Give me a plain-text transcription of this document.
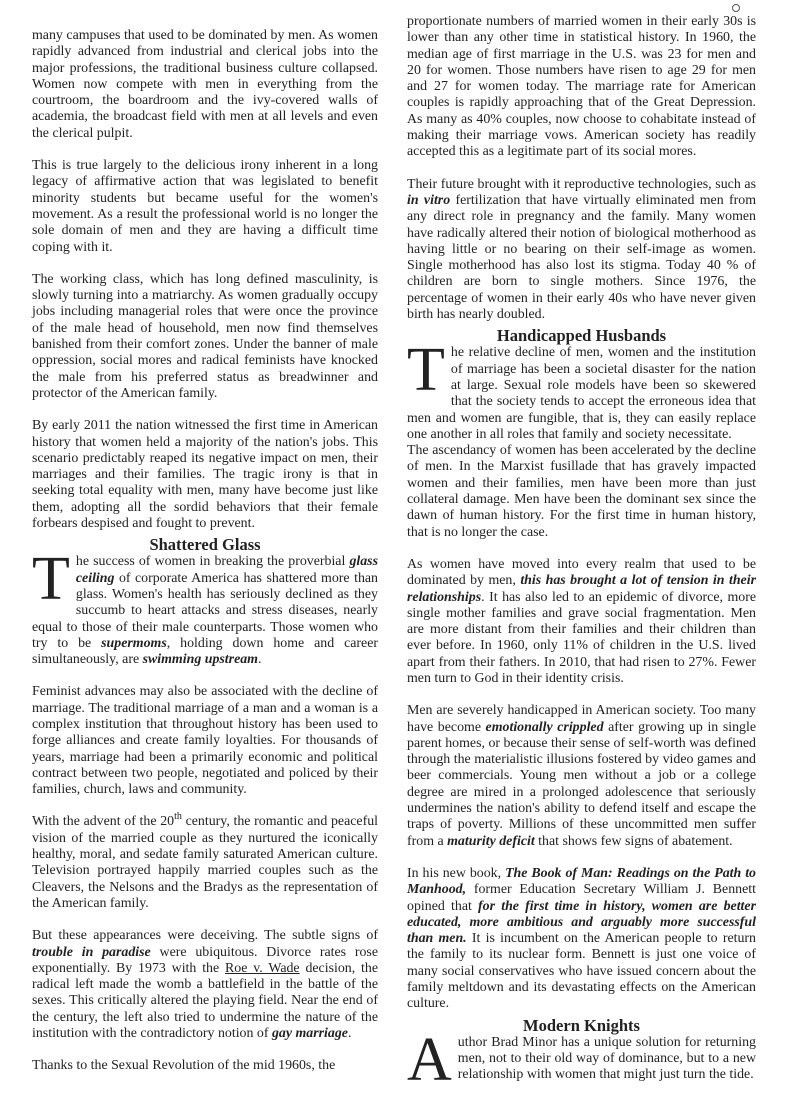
many campuses that used to be dominated by men. As women rapidly advanced from industrial and clerical jobs into the major professions, the traditional business culture collapsed. Women now compete with men in everything from the courtroom, the boardroom and the ivy-covered walls of academia, the broadcast field with men at all levels and even the clerical pulpit.

This is true largely to the delicious irony inherent in a long legacy of affirmative action that was legislated to benefit minority students but became useful for the women's movement. As a result the professional world is no longer the sole domain of men and they are having a difficult time coping with it.

The working class, which has long defined masculinity, is slowly turning into a matriarchy. As women gradually occupy jobs including managerial roles that were once the province of the male head of household, men now find themselves banished from their comfort zones. Under the banner of male oppression, social mores and radical feminists have knocked the male from his preferred status as breadwinner and protector of the American family.

By early 2011 the nation witnessed the first time in American history that women held a majority of the nation's jobs. This scenario predictably reaped its negative impact on men, their marriages and their families. The tragic irony is that in seeking total equality with men, many have become just like them, adopting all the sordid behaviors that their female forbears despised and fought to prevent.

Shattered Glass

The success of women in breaking the proverbial glass ceiling of corporate America has shattered more than glass. Women's health has seriously declined as they succumb to heart attacks and stress diseases, nearly equal to those of their male counterparts. Those women who try to be supermoms, holding down home and career simultaneously, are swimming upstream.

Feminist advances may also be associated with the decline of marriage. The traditional marriage of a man and a woman is a complex institution that throughout history has been used to forge alliances and create family loyalties. For thousands of years, marriage had been a primarily economic and political contract between two people, negotiated and policed by their families, church, laws and community.

With the advent of the 20th century, the romantic and peaceful vision of the married couple as they nurtured the iconically healthy, moral, and sedate family saturated American culture. Television portrayed happily married couples such as the Cleavers, the Nelsons and the Bradys as the representation of the American family.

But these appearances were deceiving. The subtle signs of trouble in paradise were ubiquitous. Divorce rates rose exponentially. By 1973 with the Roe v. Wade decision, the radical left made the womb a battlefield in the battle of the sexes. This critically altered the playing field. Near the end of the century, the left also tried to undermine the nature of the institution with the contradictory notion of gay marriage.

Thanks to the Sexual Revolution of the mid 1960s, the

proportionate numbers of married women in their early 30s is lower than any other time in statistical history. In 1960, the median age of first marriage in the U.S. was 23 for men and 20 for women. Those numbers have risen to age 29 for men and 27 for women today. The marriage rate for American couples is rapidly approaching that of the Great Depression. As many as 40% couples, now choose to cohabitate instead of making their marriage vows. American society has readily accepted this as a legitimate part of its social mores.

Their future brought with it reproductive technologies, such as in vitro fertilization that have virtually eliminated men from any direct role in pregnancy and the family. Many women have radically altered their notion of biological motherhood as having little or no bearing on their self-image as women. Single motherhood has also lost its stigma. Today 40 % of children are born to single mothers. Since 1976, the percentage of women in their early 40s who have never given birth has nearly doubled.

Handicapped Husbands

The relative decline of men, women and the institution of marriage has been a societal disaster for the nation at large. Sexual role models have been so skewered that the society tends to accept the erroneous idea that men and women are fungible, that is, they can easily replace one another in all roles that family and society necessitate.

The ascendancy of women has been accelerated by the decline of men. In the Marxist fusillade that has gravely impacted women and their families, men have been more than just collateral damage. Men have been the dominant sex since the dawn of human history. For the first time in human history, that is no longer the case.

As women have moved into every realm that used to be dominated by men, this has brought a lot of tension in their relationships. It has also led to an epidemic of divorce, more single mother families and grave social fragmentation. Men are more distant from their families and their children than ever before. In 1960, only 11% of children in the U.S. lived apart from their fathers. In 2010, that had risen to 27%. Fewer men turn to God in their identity crisis.

Men are severely handicapped in American society. Too many have become emotionally crippled after growing up in single parent homes, or because their sense of self-worth was defined through the materialistic illusions fostered by video games and beer commercials. Young men without a job or a college degree are mired in a prolonged adolescence that seriously undermines the nation's ability to defend itself and escape the traps of poverty. Millions of these uncommitted men suffer from a maturity deficit that shows few signs of abatement.

In his new book, The Book of Man: Readings on the Path to Manhood, former Education Secretary William J. Bennett opined that for the first time in history, women are better educated, more ambitious and arguably more successful than men. It is incumbent on the American people to return the family to its nuclear form. Bennett is just one voice of many social conservatives who have issued concern about the family meltdown and its devastating effects on the American culture.

Modern Knights

Author Brad Minor has a unique solution for returning men, not to their old way of dominance, but to a new relationship with women that might just turn the tide.
